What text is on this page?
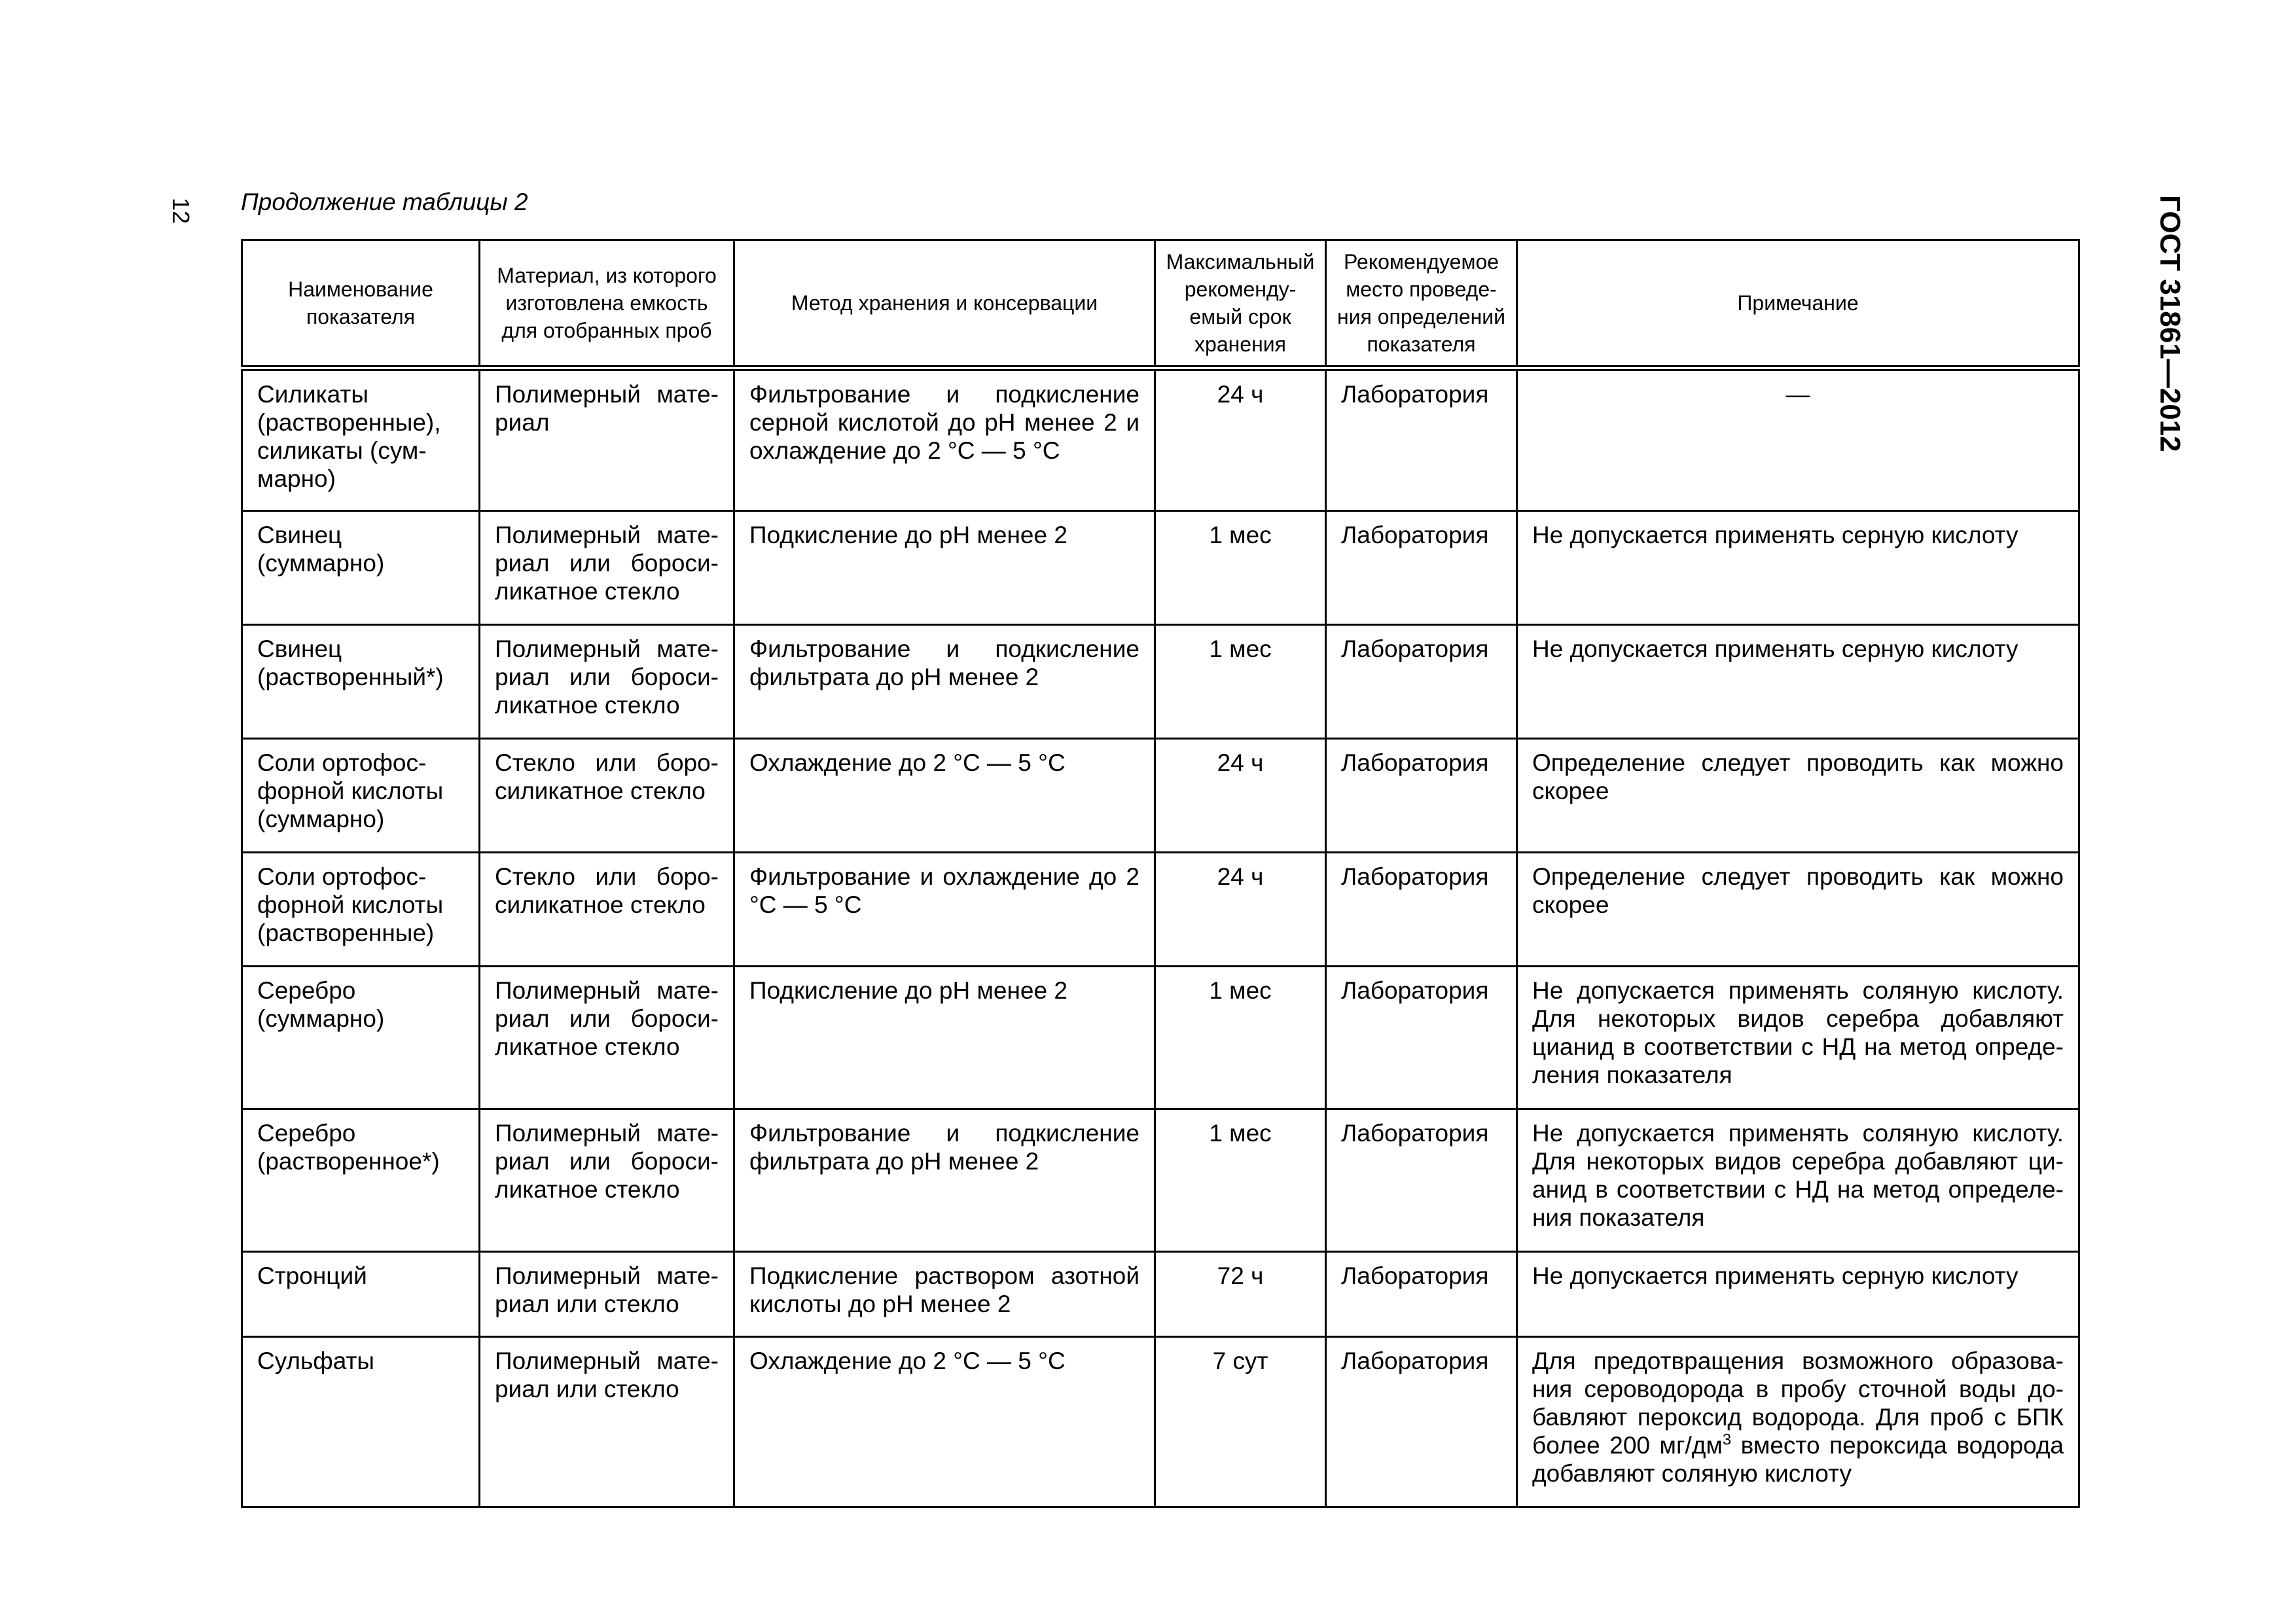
12 Продолжение таблицы 2	ГОСТ 31861—2012
Наименование показателя	Материал, из которого изготовлена емкость для отобранных проб	Метод хранения и консервации	Максимальный рекоменду-емый срок хранения	Рекомендуемое место проведе-ния определений показателя	Примечание
Силикаты (растворенные), силикаты (сум-марно)	Полимерный мате-риал	Фильтрование и подкисление серной кислотой до pH менее 2 и охлаждение до 2 °С — 5 °С	24 ч	Лаборатория	—
Свинец (суммарно)	Полимерный мате-риал или бороси-ликатное стекло	Подкисление до pH менее 2	1 мес	Лаборатория	Не допускается применять серную кислоту
Свинец (растворенный*)	Полимерный мате-риал или бороси-ликатное стекло	Фильтрование и подкисление фильтрата до pH менее 2	1 мес	Лаборатория	Не допускается применять серную кислоту
Соли ортофос-форной кислоты (суммарно)	Стекло или боро-силикатное стекло	Охлаждение до 2 °С — 5 °С	24 ч	Лаборатория	Определение следует проводить как можно скорее
Соли ортофос-форной кислоты (растворенные)	Стекло или боро-силикатное стекло	Фильтрование и охлаждение до 2 °С — 5 °С	24 ч	Лаборатория	Определение следует проводить как можно скорее
Серебро (суммарно)	Полимерный мате-риал или бороси-ликатное стекло	Подкисление до pH менее 2	1 мес	Лаборатория	Не допускается применять соляную кислоту. Для некоторых видов серебра добавляют цианид в соответствии с НД на метод опреде-ления показателя
Серебро (растворенное*)	Полимерный мате-риал или бороси-ликатное стекло	Фильтрование и подкисление фильтрата до pH менее 2	1 мес	Лаборатория	Не допускается применять соляную кислоту. Для некоторых видов серебра добавляют ци-анид в соответствии с НД на метод определе-ния показателя
Стронций	Полимерный мате-риал или стекло	Подкисление раствором азотной кислоты до pH менее 2	72 ч	Лаборатория	Не допускается применять серную кислоту
Сульфаты	Полимерный мате-риал или стекло	Охлаждение до 2 °С — 5 °С	7 сут	Лаборатория	Для предотвращения возможного образова-ния сероводорода в пробу сточной воды до-бавляют пероксид водорода. Для проб с БПК более 200 $мг/дм^3$ вместо пероксида водорода добавляют соляную кислоту
